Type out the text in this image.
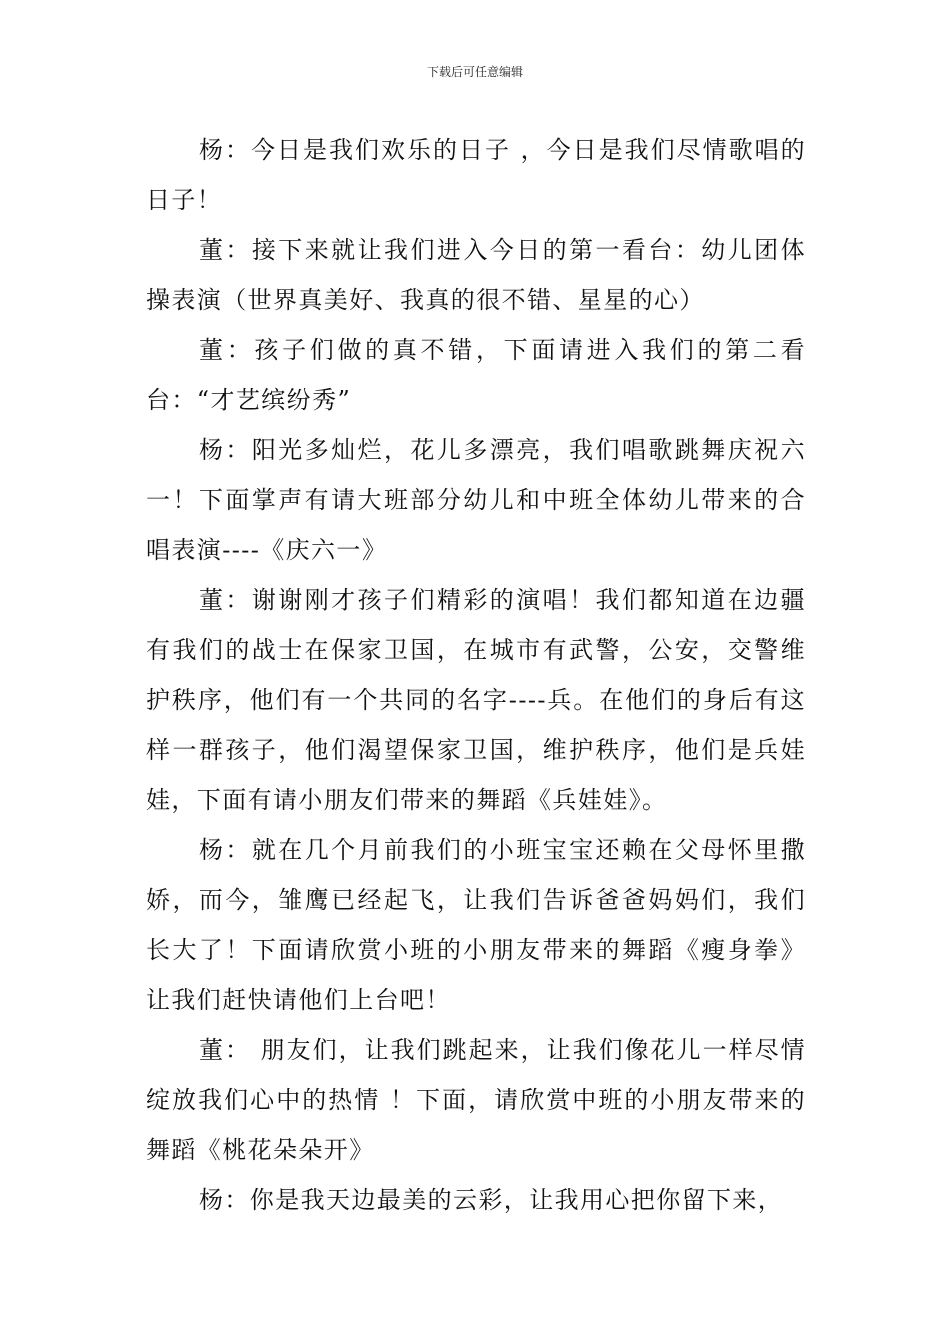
下载后可任意编辑

杨：今日是我们欢乐的日子 ，今日是我们尽情歌唱的日子！

董：接下来就让我们进入今日的第一看台：幼儿团体操表演（世界真美好、我真的很不错、星星的心）

董：孩子们做的真不错，下面请进入我们的第二看台：“才艺缤纷秀”

杨：阳光多灿烂，花儿多漂亮，我们唱歌跳舞庆祝六一！下面掌声有请大班部分幼儿和中班全体幼儿带来的合唱表演----《庆六一》

董：谢谢刚才孩子们精彩的演唱！我们都知道在边疆有我们的战士在保家卫国，在城市有武警，公安，交警维护秩序，他们有一个共同的名字----兵。在他们的身后有这样一群孩子，他们渴望保家卫国，维护秩序，他们是兵娃娃，下面有请小朋友们带来的舞蹈《兵娃娃》。

杨：就在几个月前我们的小班宝宝还赖在父母怀里撒娇，而今，雏鹰已经起飞，让我们告诉爸爸妈妈们，我们长大了！下面请欣赏小班的小朋友带来的舞蹈《瘦身拳》让我们赶快请他们上台吧！

董： 朋友们，让我们跳起来，让我们像花儿一样尽情绽放我们心中的热情 ！下面，请欣赏中班的小朋友带来的舞蹈《桃花朵朵开》

杨：你是我天边最美的云彩，让我用心把你留下来，
